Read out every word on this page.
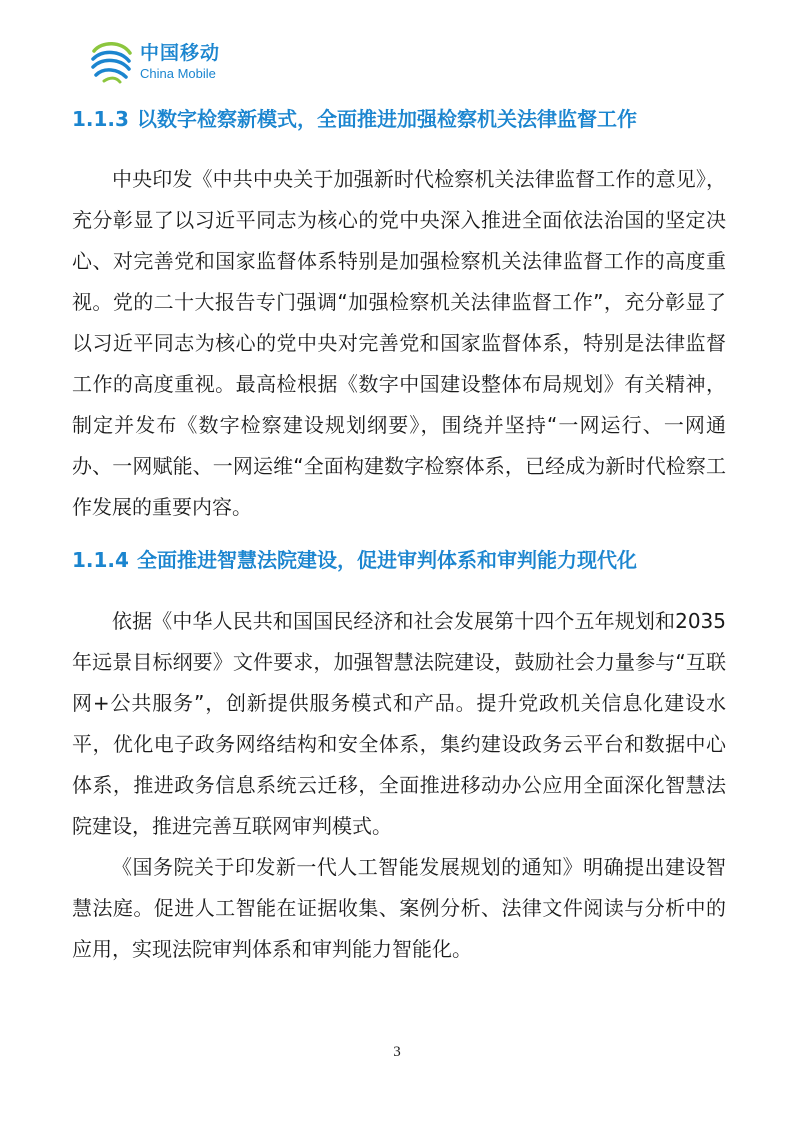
中国移动
China Mobile
1.1.3 以数字检察新模式，全面推进加强检察机关法律监督工作

中央印发《中共中央关于加强新时代检察机关法律监督工作的意见》，充分彰显了以习近平同志为核心的党中央深入推进全面依法治国的坚定决心、对完善党和国家监督体系特别是加强检察机关法律监督工作的高度重视。党的二十大报告专门强调“加强检察机关法律监督工作”，充分彰显了以习近平同志为核心的党中央对完善党和国家监督体系，特别是法律监督工作的高度重视。最高检根据《数字中国建设整体布局规划》有关精神，制定并发布《数字检察建设规划纲要》，围绕并坚持“一网运行、一网通办、一网赋能、一网运维“全面构建数字检察体系，已经成为新时代检察工作发展的重要内容。

1.1.4 全面推进智慧法院建设，促进审判体系和审判能力现代化

依据《中华人民共和国国民经济和社会发展第十四个五年规划和2035年远景目标纲要》文件要求，加强智慧法院建设，鼓励社会力量参与“互联网+公共服务”，创新提供服务模式和产品。提升党政机关信息化建设水平，优化电子政务网络结构和安全体系，集约建设政务云平台和数据中心体系，推进政务信息系统云迁移，全面推进移动办公应用全面深化智慧法院建设，推进完善互联网审判模式。

《国务院关于印发新一代人工智能发展规划的通知》明确提出建设智慧法庭。促进人工智能在证据收集、案例分析、法律文件阅读与分析中的应用，实现法院审判体系和审判能力智能化。

3
